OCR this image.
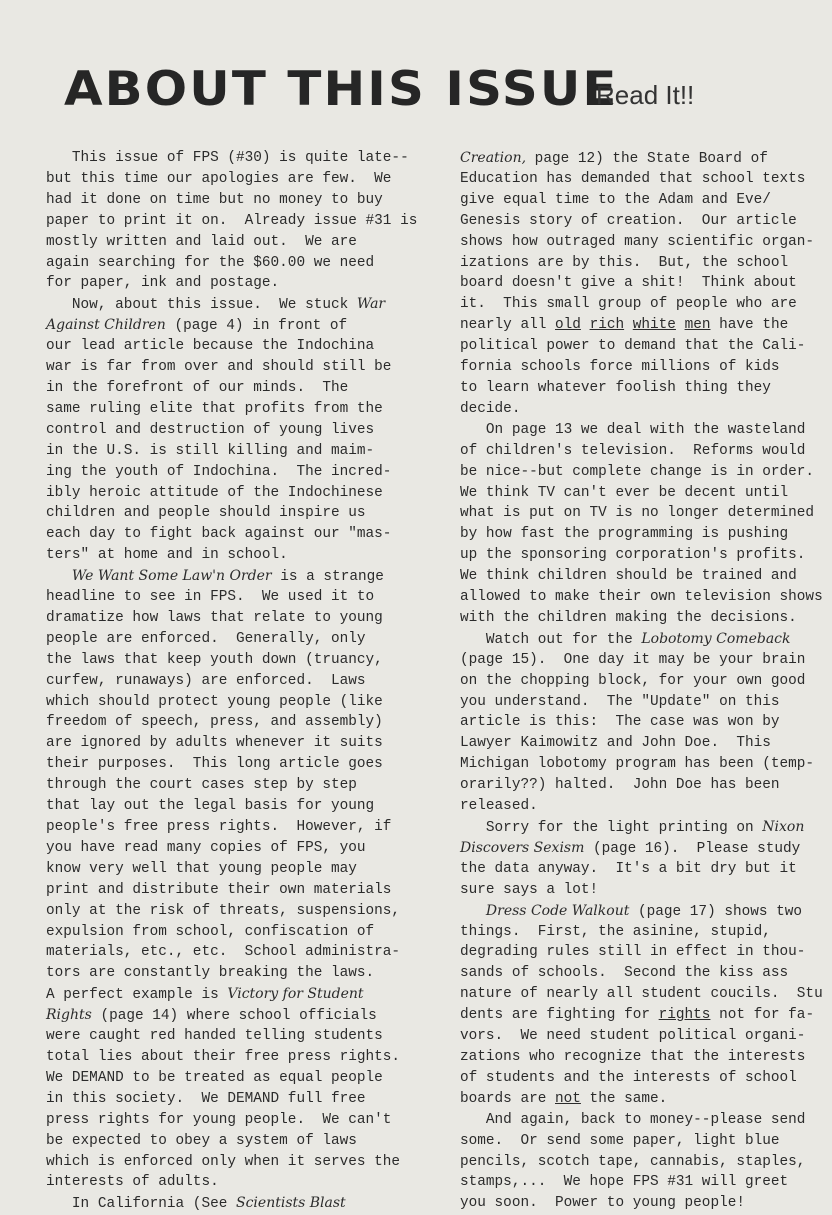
ABOUT THIS ISSUE
Read It!!
This issue of FPS (#30) is quite late--
but this time our apologies are few.  We
had it done on time but no money to buy
paper to print it on.  Already issue #31 is
mostly written and laid out.  We are
again searching for the $60.00 we need
for paper, ink and postage.
Now, about this issue.  We stuck War
Against Children (page 4) in front of
our lead article because the Indochina
war is far from over and should still be
in the forefront of our minds.  The
same ruling elite that profits from the
control and destruction of young lives
in the U.S. is still killing and maim-
ing the youth of Indochina.  The incred-
ibly heroic attitude of the Indochinese
children and people should inspire us
each day to fight back against our "mas-
ters" at home and in school.
We Want Some Law'n Order is a strange
headline to see in FPS.  We used it to
dramatize how laws that relate to young
people are enforced.  Generally, only
the laws that keep youth down (truancy,
curfew, runaways) are enforced.  Laws
which should protect young people (like
freedom of speech, press, and assembly)
are ignored by adults whenever it suits
their purposes.  This long article goes
through the court cases step by step
that lay out the legal basis for young
people's free press rights.  However, if
you have read many copies of FPS, you
know very well that young people may
print and distribute their own materials
only at the risk of threats, suspensions,
expulsion from school, confiscation of
materials, etc., etc.  School administra-
tors are constantly breaking the laws.
A perfect example is Victory for Student
Rights (page 14) where school officials
were caught red handed telling students
total lies about their free press rights.
We DEMAND to be treated as equal people
in this society.  We DEMAND full free
press rights for young people.  We can't
be expected to obey a system of laws
which is enforced only when it serves the
interests of adults.
In California (See Scientists Blast
Creation, page 12) the State Board of
Education has demanded that school texts
give equal time to the Adam and Eve/
Genesis story of creation.  Our article
shows how outraged many scientific organ-
izations are by this.  But, the school
board doesn't give a shit!  Think about
it.  This small group of people who are
nearly all old rich white men have the
political power to demand that the Cali-
fornia schools force millions of kids
to learn whatever foolish thing they
decide.
On page 13 we deal with the wasteland
of children's television.  Reforms would
be nice--but complete change is in order.
We think TV can't ever be decent until
what is put on TV is no longer determined
by how fast the programming is pushing
up the sponsoring corporation's profits.
We think children should be trained and
allowed to make their own television shows
with the children making the decisions.
Watch out for the Lobotomy Comeback
(page 15).  One day it may be your brain
on the chopping block, for your own good
you understand.  The "Update" on this
article is this:  The case was won by
Lawyer Kaimowitz and John Doe.  This
Michigan lobotomy program has been (temp-
orarily??) halted.  John Doe has been
released.
Sorry for the light printing on Nixon
Discovers Sexism (page 16).  Please study
the data anyway.  It's a bit dry but it
sure says a lot!
Dress Code Walkout (page 17) shows two
things.  First, the asinine, stupid,
degrading rules still in effect in thou-
sands of schools.  Second the kiss ass
nature of nearly all student coucils.  Stu
dents are fighting for rights not for fa-
vors.  We need student political organi-
zations who recognize that the interests
of students and the interests of school
boards are not the same.
And again, back to money--please send
some.  Or send some paper, light blue
pencils, scotch tape, cannabis, staples,
stamps,...  We hope FPS #31 will greet
you soon.  Power to young people!
